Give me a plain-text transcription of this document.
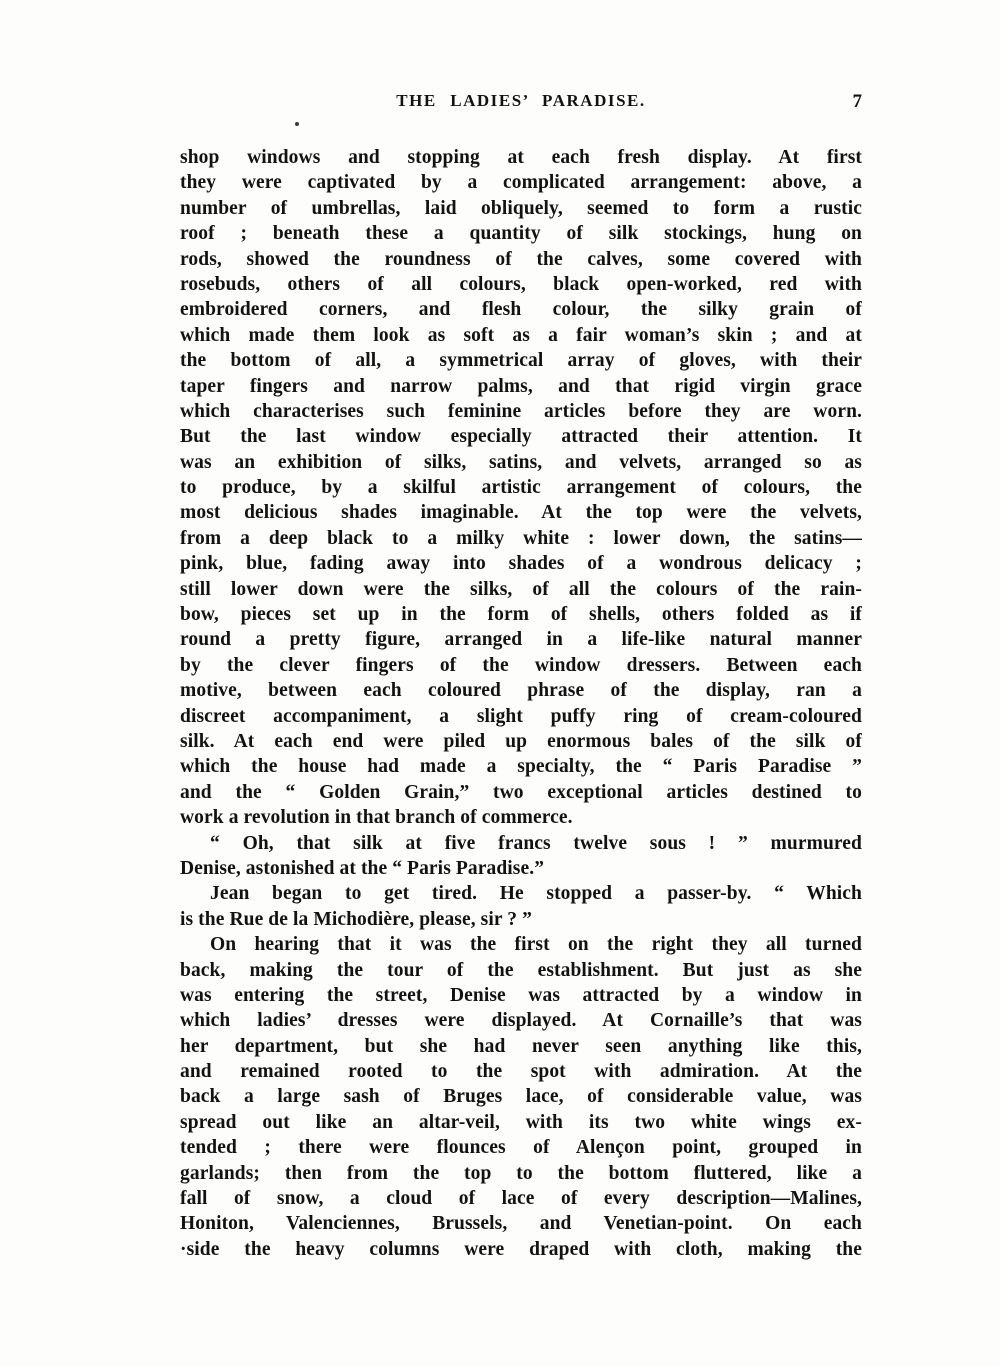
THE LADIES’ PARADISE.	7
shop windows and stopping at each fresh display. At first
they were captivated by a complicated arrangement: above, a
number of umbrellas, laid obliquely, seemed to form a rustic
roof ; beneath these a quantity of silk stockings, hung on
rods, showed the roundness of the calves, some covered with
rosebuds, others of all colours, black open-worked, red with
embroidered corners, and flesh colour, the silky grain of
which made them look as soft as a fair woman’s skin ; and at
the bottom of all, a symmetrical array of gloves, with their
taper fingers and narrow palms, and that rigid virgin grace
which characterises such feminine articles before they are worn.
But the last window especially attracted their attention. It
was an exhibition of silks, satins, and velvets, arranged so as
to produce, by a skilful artistic arrangement of colours, the
most delicious shades imaginable. At the top were the velvets,
from a deep black to a milky white : lower down, the satins—
pink, blue, fading away into shades of a wondrous delicacy ;
still lower down were the silks, of all the colours of the rain-
bow, pieces set up in the form of shells, others folded as if
round a pretty figure, arranged in a life-like natural manner
by the clever fingers of the window dressers. Between each
motive, between each coloured phrase of the display, ran a
discreet accompaniment, a slight puffy ring of cream-coloured
silk. At each end were piled up enormous bales of the silk of
which the house had made a specialty, the “ Paris Paradise ”
and the “ Golden Grain,” two exceptional articles destined to
work a revolution in that branch of commerce.
“ Oh, that silk at five francs twelve sous ! ” murmured
Denise, astonished at the “ Paris Paradise.”
Jean began to get tired. He stopped a passer-by. “ Which
is the Rue de la Michodière, please, sir ? ”
On hearing that it was the first on the right they all turned
back, making the tour of the establishment. But just as she
was entering the street, Denise was attracted by a window in
which ladies’ dresses were displayed. At Cornaille’s that was
her department, but she had never seen anything like this,
and remained rooted to the spot with admiration. At the
back a large sash of Bruges lace, of considerable value, was
spread out like an altar-veil, with its two white wings ex-
tended ; there were flounces of Alençon point, grouped in
garlands; then from the top to the bottom fluttered, like a
fall of snow, a cloud of lace of every description—Malines,
Honiton, Valenciennes, Brussels, and Venetian-point. On each
·side the heavy columns were draped with cloth, making the
